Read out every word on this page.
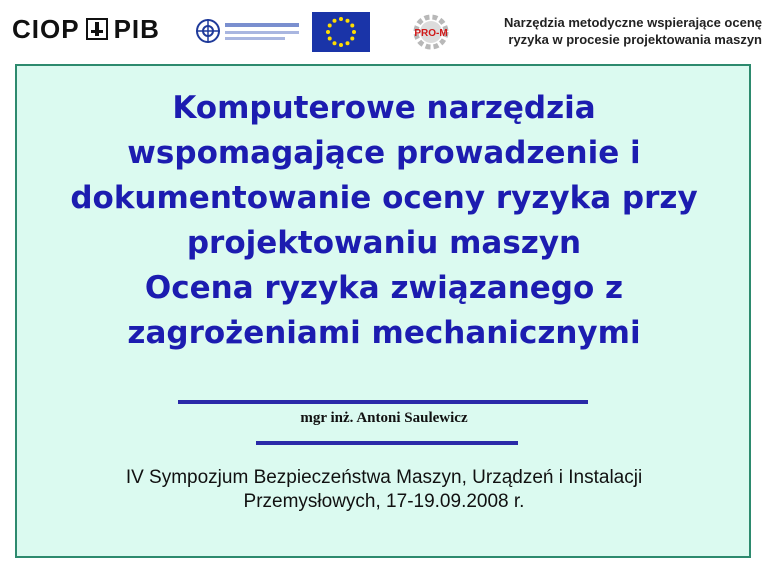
CIOP PIB	PRO-M
Narzędzia metodyczne wspierające ocenę
ryzyka w procesie projektowania maszyn
Komputerowe narzędzia
wspomagające prowadzenie i
dokumentowanie oceny ryzyka przy
projektowaniu maszyn
Ocena ryzyka związanego z
zagrożeniami mechanicznymi
mgr inż. Antoni Saulewicz
IV Sympozjum Bezpieczeństwa Maszyn, Urządzeń i Instalacji
Przemysłowych, 17-19.09.2008 r.
